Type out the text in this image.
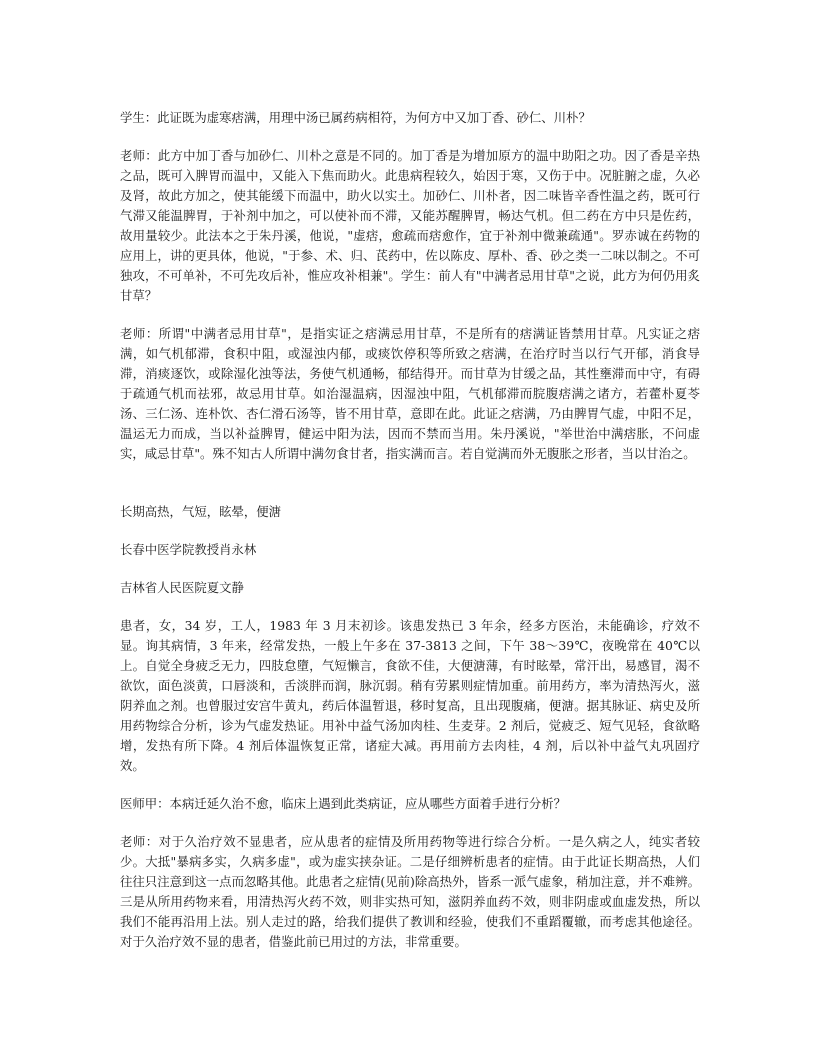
学生：此证既为虚寒痞满，用理中汤已属药病相符，为何方中又加丁香、砂仁、川朴？

老师：此方中加丁香与加砂仁、川朴之意是不同的。加丁香是为增加原方的温中助阳之功。因了香是辛热之品，既可入脾胃而温中，又能入下焦而助火。此患病程较久，始因于寒，又伤于中。况脏腑之虚，久必及肾，故此方加之，使其能缓下而温中，助火以实土。加砂仁、川朴者，因二味皆辛香性温之药，既可行气滞又能温脾胃，于补剂中加之，可以使补而不滞，又能苏醒脾胃，畅达气机。但二药在方中只是佐药，故用量较少。此法本之于朱丹溪，他说，"虚痞，愈疏而痞愈作，宜于补剂中微兼疏通"。罗赤诚在药物的应用上，讲的更具体，他说，"于参、术、归、芪药中，佐以陈皮、厚朴、香、砂之类一二味以制之。不可独攻，不可单补，不可先攻后补，惟应攻补相兼"。学生：前人有"中满者忌用甘草"之说，此方为何仍用炙甘草？

老师：所谓"中满者忌用甘草"，是指实证之痞满忌用甘草，不是所有的痞满证皆禁用甘草。凡实证之痞满，如气机郁滞，食积中阻，或湿浊内郁，或痰饮停积等所致之痞满，在治疗时当以行气开郁，消食导滞，消痰逐饮，或除湿化浊等法，务使气机通畅，郁结得开。而甘草为甘缓之品，其性壅滞而中守，有碍于疏通气机而祛邪，故忌用甘草。如治湿温病，因湿浊中阻，气机郁滞而脘腹痞满之诸方，若藿朴夏苓汤、三仁汤、连朴饮、杏仁滑石汤等，皆不用甘草，意即在此。此证之痞满，乃由脾胃气虚，中阳不足，温运无力而成，当以补益脾胃，健运中阳为法，因而不禁而当用。朱丹溪说，"举世治中满痞胀，不问虚实，咸忌甘草"。殊不知古人所谓中满勿食甘者，指实满而言。若自觉满而外无腹胀之形者，当以甘治之。

长期高热，气短，眩晕，便溏

长春中医学院教授肖永林

吉林省人民医院夏文静

患者，女，34 岁，工人，1983 年 3 月末初诊。该患发热已 3 年余，经多方医治，未能确诊，疗效不显。询其病情，3 年来，经常发热，一般上午多在 37-3813 之间，下午 38～39℃，夜晚常在 40℃以上。自觉全身疲乏无力，四肢怠墮，气短懒言，食欲不佳，大便溏薄，有时眩晕，常汗出，易感冒，渴不欲饮，面色淡黄，口唇淡和，舌淡胖而润，脉沉弱。稍有劳累则症情加重。前用药方，率为清热泻火，滋阴养血之剂。也曾服过安宫牛黄丸，药后体温暂退，移时复高，且出现腹痛，便溏。据其脉证、病史及所用药物综合分析，诊为气虚发热证。用补中益气汤加肉桂、生麦芽。2 剂后，觉疲乏、短气见轻，食欲略增，发热有所下降。4 剂后体温恢复正常，诸症大减。再用前方去肉桂，4 剂，后以补中益气丸巩固疗效。

医师甲：本病迁延久治不愈，临床上遇到此类病证，应从哪些方面着手进行分析？

老师：对于久治疗效不显患者，应从患者的症情及所用药物等进行综合分析。一是久病之人，纯实者较少。大抵"暴病多实，久病多虚"，或为虚实挟杂证。二是仔细辨析患者的症情。由于此证长期高热，人们往往只注意到这一点而忽略其他。此患者之症情(见前)除高热外，皆系一派气虚象，稍加注意，并不难辨。三是从所用药物来看，用清热泻火药不效，则非实热可知，滋阴养血药不效，则非阴虚或血虚发热，所以我们不能再沿用上法。别人走过的路，给我们提供了教训和经验，使我们不重蹈覆辙，而考虑其他途径。对于久治疗效不显的患者，借鉴此前已用过的方法，非常重要。
